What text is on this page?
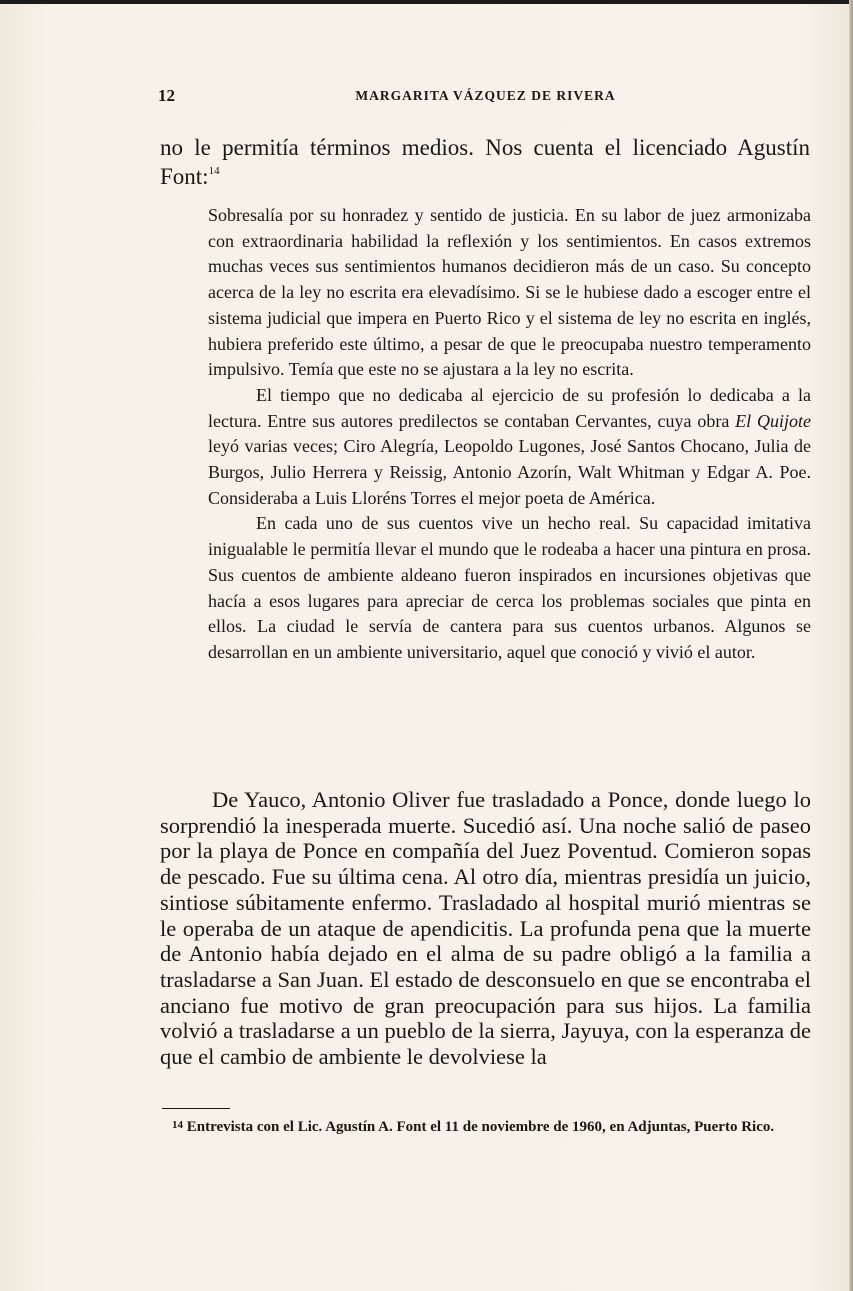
12	MARGARITA VÁZQUEZ DE RIVERA

no le permitía términos medios. Nos cuenta el licenciado Agustín Font:$^{14}$

Sobresalía por su honradez y sentido de justicia. En su labor de juez armonizaba con extraordinaria habilidad la reflexión y los sentimientos. En casos extremos muchas veces sus sentimientos humanos decidieron más de un caso. Su concepto acerca de la ley no escrita era elevadísimo. Si se le hubiese dado a escoger entre el sistema judicial que impera en Puerto Rico y el sistema de ley no escrita en inglés, hubiera preferido este último, a pesar de que le preocupaba nuestro temperamento impulsivo. Temía que este no se ajustara a la ley no escrita.

El tiempo que no dedicaba al ejercicio de su profesión lo dedicaba a la lectura. Entre sus autores predilectos se contaban Cervantes, cuya obra El Quijote leyó varias veces; Ciro Alegría, Leopoldo Lugones, José Santos Chocano, Julia de Burgos, Julio Herrera y Reissig, Antonio Azorín, Walt Whitman y Edgar A. Poe. Consideraba a Luis Lloréns Torres el mejor poeta de América.

En cada uno de sus cuentos vive un hecho real. Su capacidad imitativa inigualable le permitía llevar el mundo que le rodeaba a hacer una pintura en prosa. Sus cuentos de ambiente aldeano fueron inspirados en incursiones objetivas que hacía a esos lugares para apreciar de cerca los problemas sociales que pinta en ellos. La ciudad le servía de cantera para sus cuentos urbanos. Algunos se desarrollan en un ambiente universitario, aquel que conoció y vivió el autor.

De Yauco, Antonio Oliver fue trasladado a Ponce, donde luego lo sorprendió la inesperada muerte. Sucedió así. Una noche salió de paseo por la playa de Ponce en compañía del Juez Poventud. Comieron sopas de pescado. Fue su última cena. Al otro día, mientras presidía un juicio, sintiose súbitamente enfermo. Trasladado al hospital murió mientras se le operaba de un ataque de apendicitis. La profunda pena que la muerte de Antonio había dejado en el alma de su padre obligó a la familia a trasladarse a San Juan. El estado de desconsuelo en que se encontraba el anciano fue motivo de gran preocupación para sus hijos. La familia volvió a trasladarse a un pueblo de la sierra, Jayuya, con la esperanza de que el cambio de ambiente le devolviese la

$^{14}$ Entrevista con el Lic. Agustín A. Font el 11 de noviembre de 1960, en Adjuntas, Puerto Rico.
